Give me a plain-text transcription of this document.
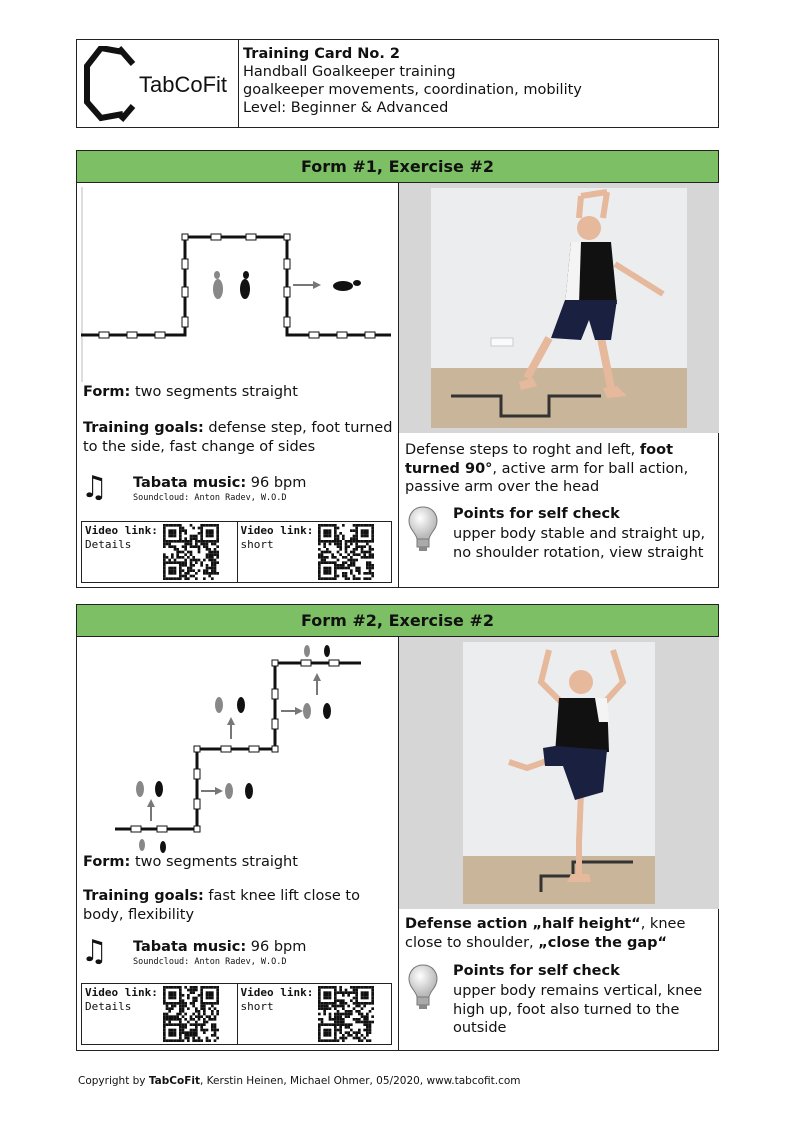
TabCoFit
Training Card No. 2
Handball Goalkeeper training
goalkeeper movements, coordination, mobility
Level: Beginner & Advanced
Form #1, Exercise #2
Form: two segments straight
Training goals: defense step, foot turned to the side, fast change of sides
♫ Tabata music: 96 bpm
Soundcloud: Anton Radev, W.O.D
Video link:
Details
Video link:
short
Defense steps to roght and left, foot turned 90°, active arm for ball action, passive arm over the head
Points for self check
upper body stable and straight up, no shoulder rotation, view straight
Form #2, Exercise #2
Form: two segments straight
Training goals: fast knee lift close to body, flexibility
♫ Tabata music: 96 bpm
Soundcloud: Anton Radev, W.O.D
Video link:
Details
Video link:
short
Defense action „half height“, knee close to shoulder, „close the gap“
Points for self check
upper body remains vertical, knee high up, foot also turned to the outside
Copyright by TabCoFit, Kerstin Heinen, Michael Ohmer, 05/2020, www.tabcofit.com
